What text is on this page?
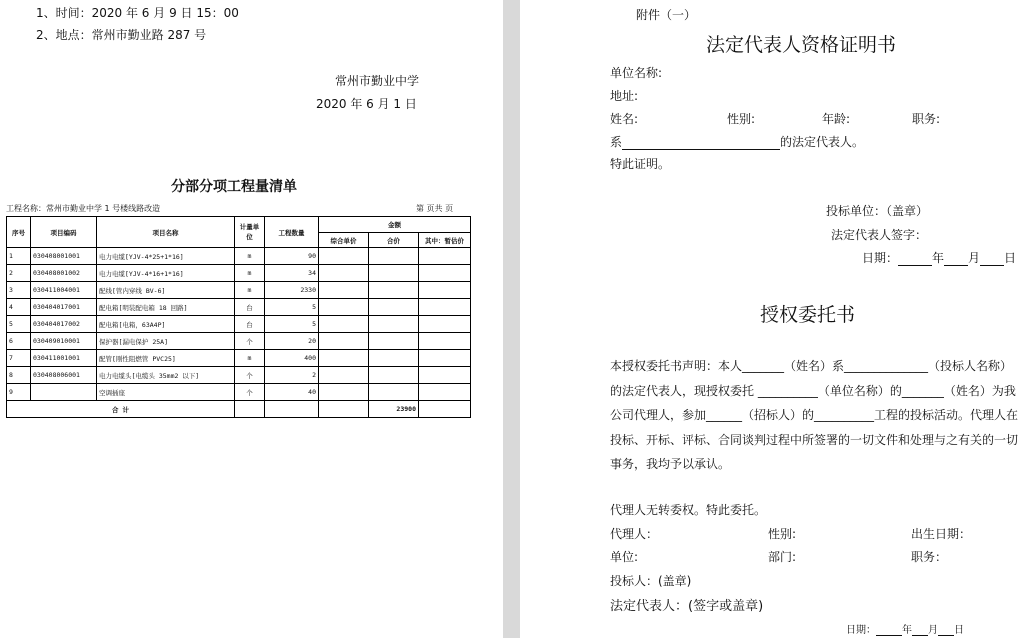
1、时间：2020 年 6 月 9 日 15：00
2、地点：常州市勤业路 287 号
常州市勤业中学
2020 年 6 月 1 日
分部分项工程量清单
工程名称：常州市勤业中学 1 号楼线路改造	第 页共 页
序号	项目编码	项目名称	计量单位	工程数量	金额		
					综合单价	合价	其中：暂估价
1	030408001001	电力电缆[YJV-4*25+1*16]	m	90			
2	030408001002	电力电缆[YJV-4*16+1*16]	m	34			
3	030411004001	配线[管内穿线 BV-6]	m	2330			
4	030404017001	配电箱[明装配电箱 18 回路]	台	5			
5	030404017002	配电箱[电箱，63A4P]	台	5			
6	030409010001	保护器[漏电保护 25A]	个	20			
7	030411001001	配管[刚性阻燃管 PVC25]	m	400			
8	030408006001	电力电缆头[电缆头 35mm2 以下]	个	2			
9		空调插座	个	40			
合 计						23900	
附件（一）
法定代表人资格证明书
单位名称:
地址:
姓名:	性别:	年龄:	职务:
系	的法定代表人。
特此证明。
投标单位：（盖章）
法定代表人签字：
日期：	年 月 日
授权委托书
本授权委托书声明：本人_______（姓名）系______________（投标人名称）的法定代表人，现授权委托 __________（单位名称）的_______（姓名）为我公司代理人，参加______（招标人）的__________工程的投标活动。代理人在投标、开标、评标、合同谈判过程中所签署的一切文件和处理与之有关的一切事务，我均予以承认。
代理人无转委权。特此委托。
代理人：	性别:	出生日期：
单位:	部门:	职务：
投标人：(盖章)
法定代表人：(签字或盖章)
日期：	年 月 日
